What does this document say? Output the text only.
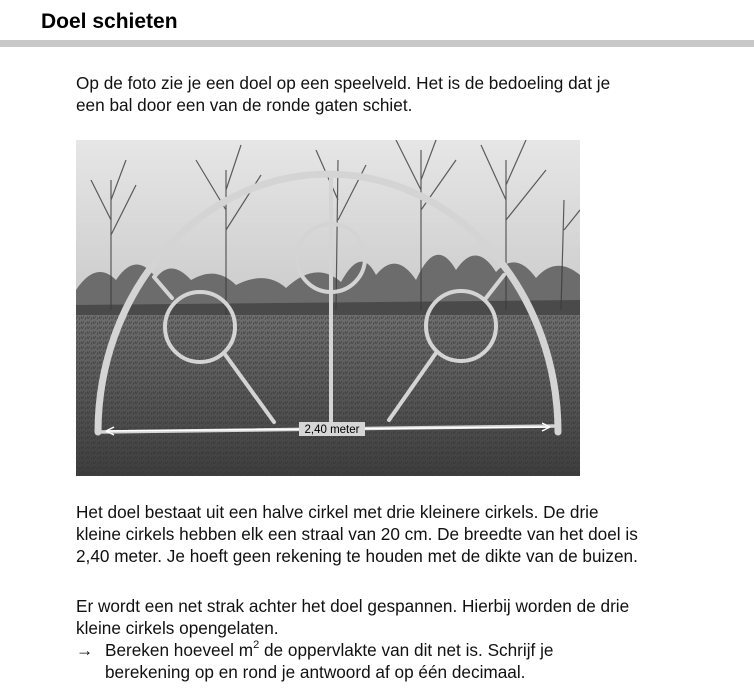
Doel schieten

Op de foto zie je een doel op een speelveld. Het is de bedoeling dat je
een bal door een van de ronde gaten schiet.

2,40 meter

Het doel bestaat uit een halve cirkel met drie kleinere cirkels. De drie
kleine cirkels hebben elk een straal van 20 cm. De breedte van het doel is
2,40 meter. Je hoeft geen rekening te houden met de dikte van de buizen.

Er wordt een net strak achter het doel gespannen. Hierbij worden de drie
kleine cirkels opengelaten.

→ Bereken hoeveel $m^2$ de oppervlakte van dit net is. Schrijf je
berekening op en rond je antwoord af op één decimaal.
